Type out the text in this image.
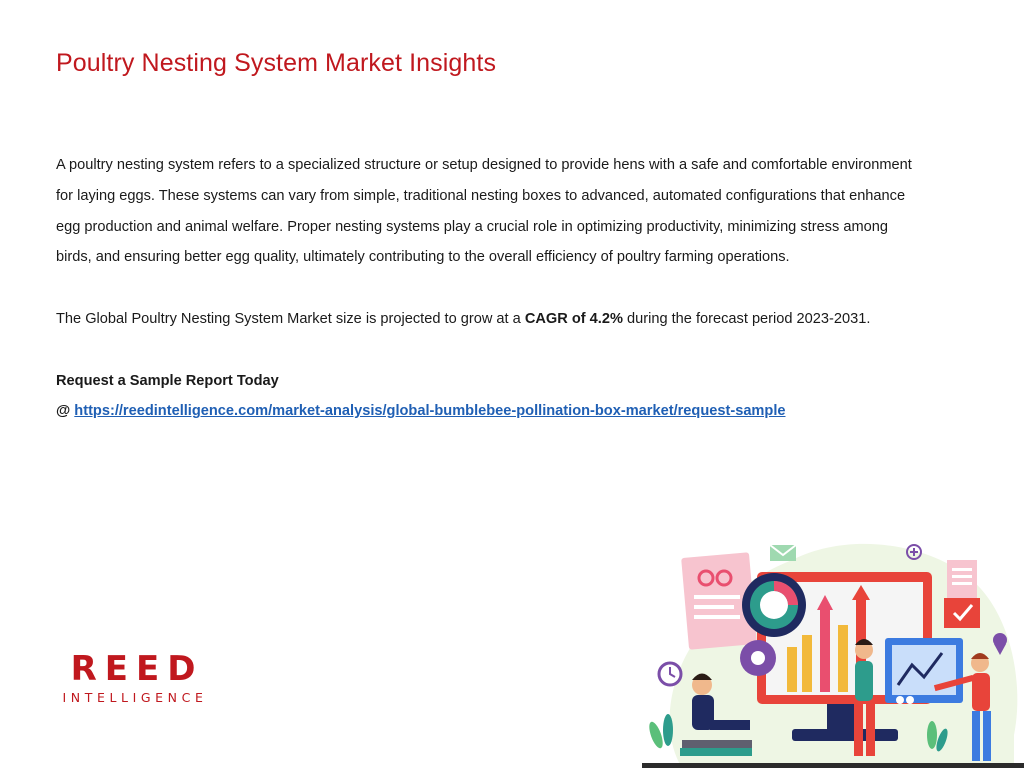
Poultry Nesting System Market Insights

A poultry nesting system refers to a specialized structure or setup designed to provide hens with a safe and comfortable environment for laying eggs. These systems can vary from simple, traditional nesting boxes to advanced, automated configurations that enhance egg production and animal welfare. Proper nesting systems play a crucial role in optimizing productivity, minimizing stress among birds, and ensuring better egg quality, ultimately contributing to the overall efficiency of poultry farming operations.

The Global Poultry Nesting System Market size is projected to grow at a CAGR of 4.2% during the forecast period 2023-2031.

Request a Sample Report Today

@ https://reedintelligence.com/market-analysis/global-bumblebee-pollination-box-market/request-sample

REED
INTELLIGENCE
